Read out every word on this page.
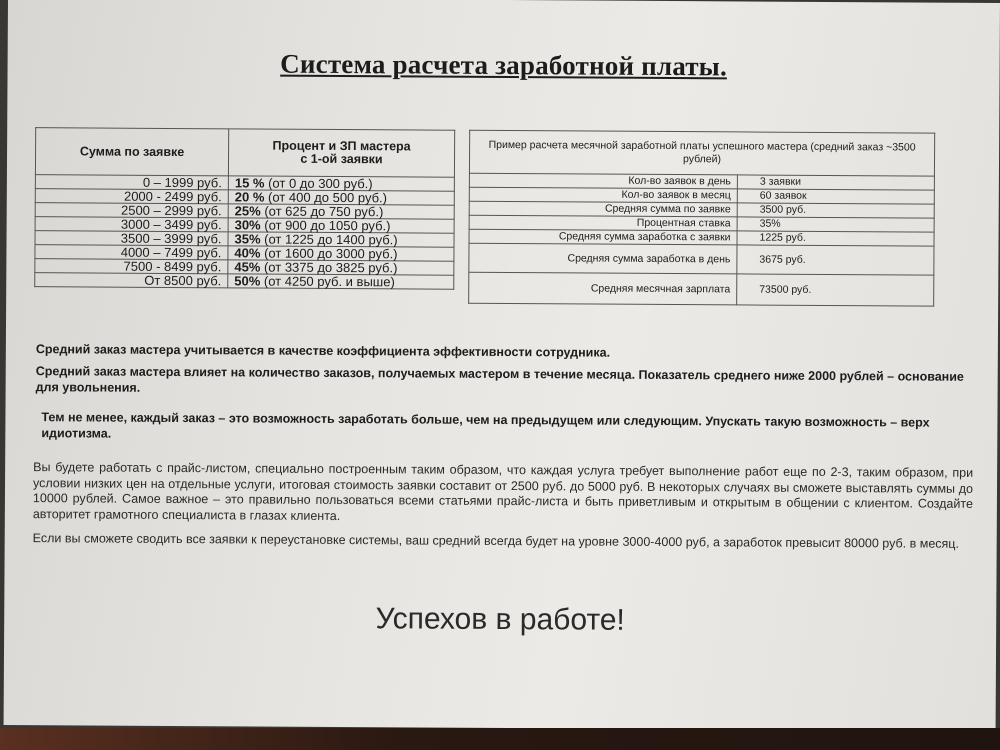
Система расчета заработной платы.
Сумма по заявке	Процент и ЗП мастера
с 1-ой заявки

0 – 1999 руб.	15 % (от 0 до 300 руб.)
2000 - 2499 руб.	20 % (от 400 до 500 руб.)
2500 – 2999 руб.	25% (от 625 до 750 руб.)
3000 – 3499 руб.	30% (от 900 до 1050 руб.)
3500 – 3999 руб.	35% (от 1225 до 1400 руб.)
4000 – 7499 руб.	40% (от 1600 до 3000 руб.)
7500 - 8499 руб.	45% (от 3375 до 3825 руб.)
От 8500 руб.	50% (от 4250 руб. и выше)
Пример расчета месячной заработной платы успешного мастера (средний заказ ~3500 рублей)	
Кол-во заявок в день	3 заявки
Кол-во заявок в месяц	60 заявок
Средняя сумма по заявке	3500 руб.
Процентная ставка	35%
Средняя сумма заработка с заявки	1225 руб.
Средняя сумма заработка в день	3675 руб.
Средняя месячная зарплата	73500 руб.
Средний заказ мастера учитывается в качестве коэффициента эффективности сотрудника.
Средний заказ мастера влияет на количество заказов, получаемых мастером в течение месяца. Показатель среднего ниже 2000 рублей – основание для увольнения.
Тем не менее, каждый заказ – это возможность заработать больше, чем на предыдущем или следующим. Упускать такую возможность – верх идиотизма.
Вы будете работать с прайс-листом, специально построенным таким образом, что каждая услуга требует выполнение работ еще по 2-3, таким образом, при условии низких цен на отдельные услуги, итоговая стоимость заявки составит от 2500 руб. до 5000 руб. В некоторых случаях вы сможете выставлять суммы до 10000 рублей. Самое важное – это правильно пользоваться всеми статьями прайс-листа и быть приветливым и открытым в общении с клиентом. Создайте авторитет грамотного специалиста в глазах клиента.
Если вы сможете сводить все заявки к переустановке системы, ваш средний всегда будет на уровне 3000-4000 руб, а заработок превысит 80000 руб. в месяц.
Успехов в работе!
